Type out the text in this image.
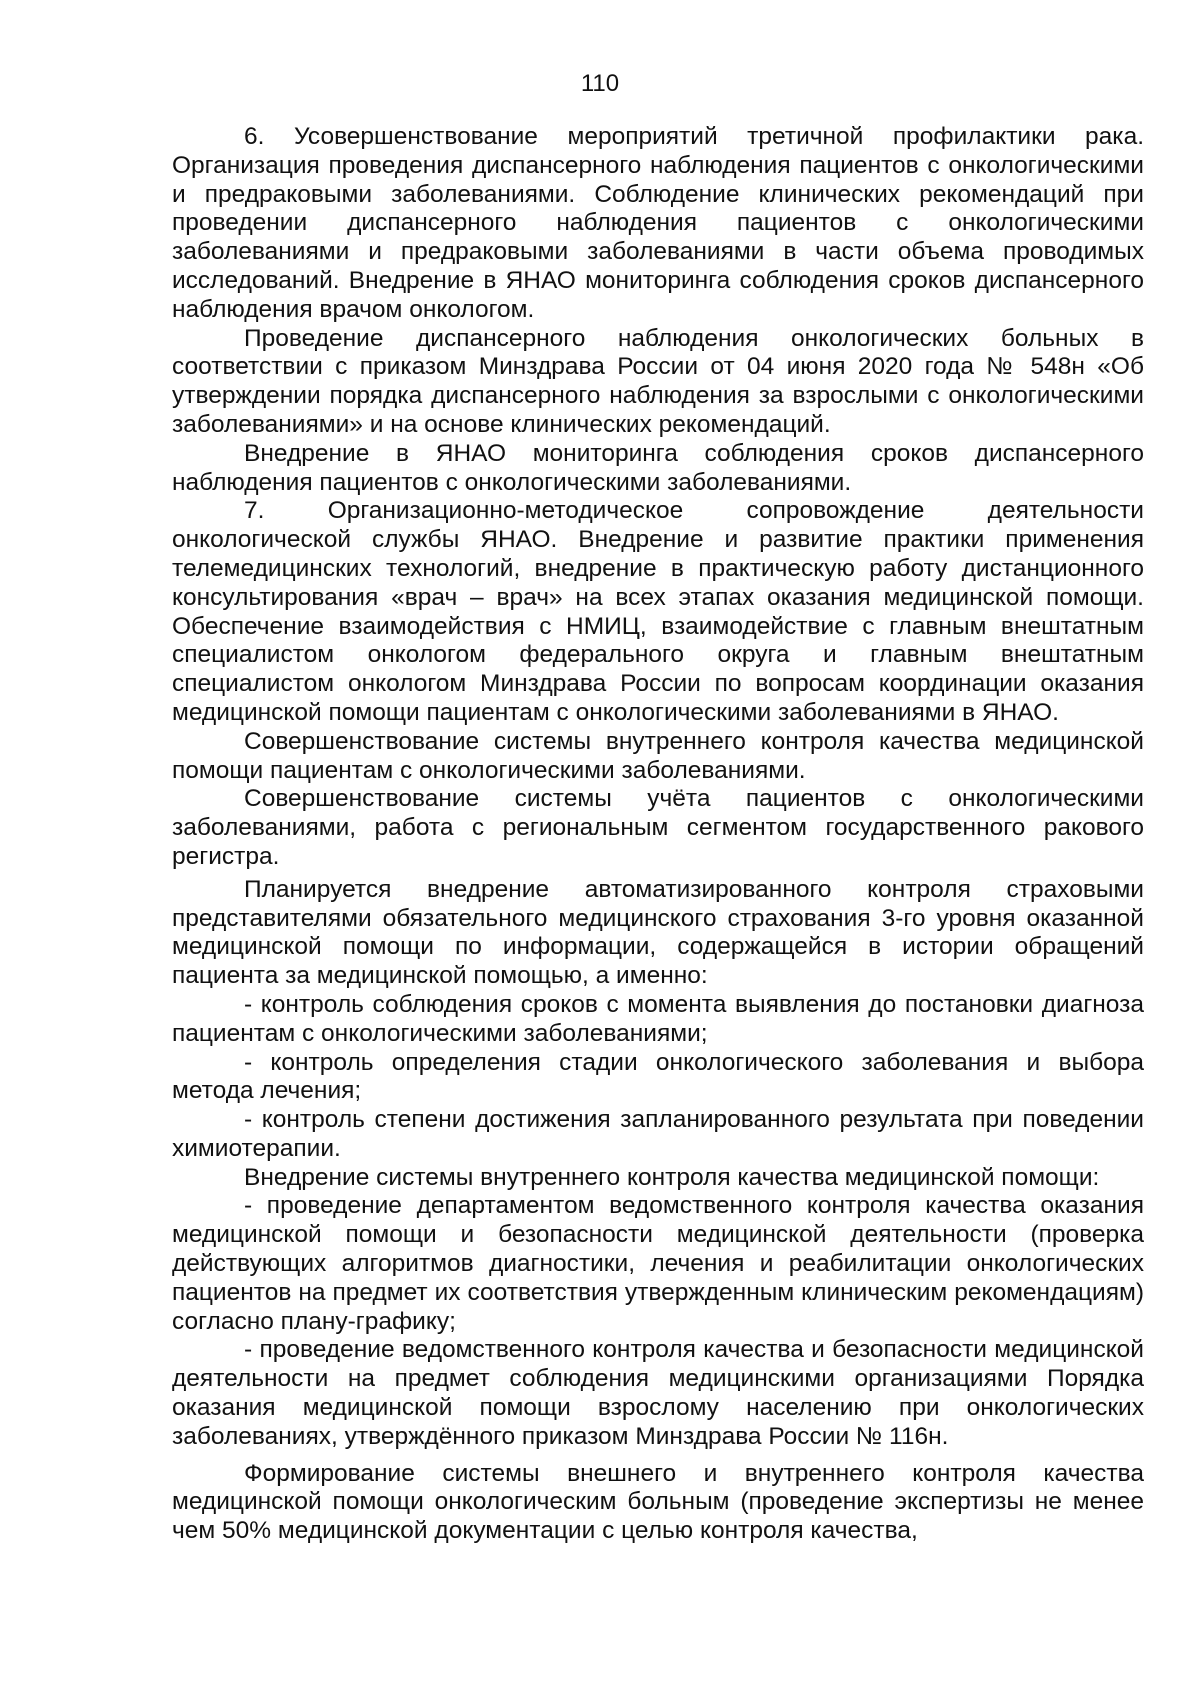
110

6. Усовершенствование мероприятий третичной профилактики рака. Организация проведения диспансерного наблюдения пациентов с онкологическими и предраковыми заболеваниями. Соблюдение клинических рекомендаций при проведении диспансерного наблюдения пациентов с онкологическими заболеваниями и предраковыми заболеваниями в части объема проводимых исследований. Внедрение в ЯНАО мониторинга соблюдения сроков диспансерного наблюдения врачом онкологом.

Проведение диспансерного наблюдения онкологических больных в соответствии с приказом Минздрава России от 04 июня 2020 года № 548н «Об утверждении порядка диспансерного наблюдения за взрослыми с онкологическими заболеваниями» и на основе клинических рекомендаций.

Внедрение в ЯНАО мониторинга соблюдения сроков диспансерного наблюдения пациентов с онкологическими заболеваниями.

7. Организационно-методическое сопровождение деятельности онкологической службы ЯНАО. Внедрение и развитие практики применения телемедицинских технологий, внедрение в практическую работу дистанционного консультирования «врач – врач» на всех этапах оказания медицинской помощи. Обеспечение взаимодействия с НМИЦ, взаимодействие с главным внештатным специалистом онкологом федерального округа и главным внештатным специалистом онкологом Минздрава России по вопросам координации оказания медицинской помощи пациентам с онкологическими заболеваниями в ЯНАО.

Совершенствование системы внутреннего контроля качества медицинской помощи пациентам с онкологическими заболеваниями.

Совершенствование системы учёта пациентов с онкологическими заболеваниями, работа с региональным сегментом государственного ракового регистра.

Планируется внедрение автоматизированного контроля страховыми представителями обязательного медицинского страхования 3-го уровня оказанной медицинской помощи по информации, содержащейся в истории обращений пациента за медицинской помощью, а именно:

- контроль соблюдения сроков с момента выявления до постановки диагноза пациентам с онкологическими заболеваниями;

- контроль определения стадии онкологического заболевания и выбора метода лечения;

- контроль степени достижения запланированного результата при поведении химиотерапии.

Внедрение системы внутреннего контроля качества медицинской помощи:

- проведение департаментом ведомственного контроля качества оказания медицинской помощи и безопасности медицинской деятельности (проверка действующих алгоритмов диагностики, лечения и реабилитации онкологических пациентов на предмет их соответствия утвержденным клиническим рекомендациям) согласно плану-графику;

- проведение ведомственного контроля качества и безопасности медицинской деятельности на предмет соблюдения медицинскими организациями Порядка оказания медицинской помощи взрослому населению при онкологических заболеваниях, утверждённого приказом Минздрава России № 116н.

Формирование системы внешнего и внутреннего контроля качества медицинской помощи онкологическим больным (проведение экспертизы не менее чем 50% медицинской документации с целью контроля качества,
